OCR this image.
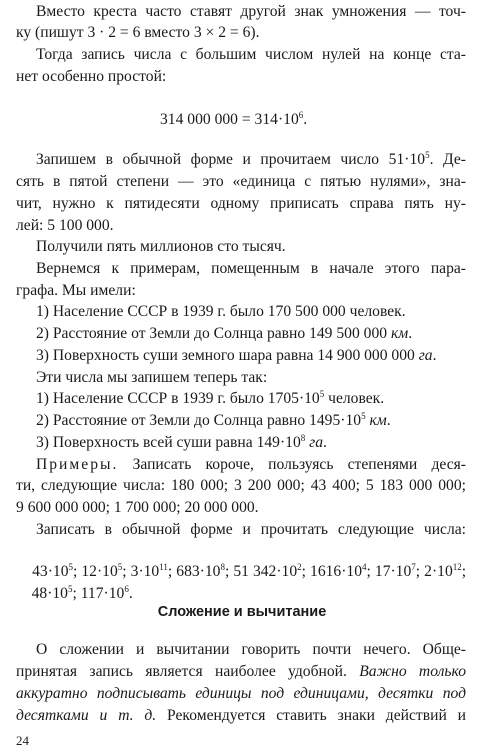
Вместо креста часто ставят другой знак умножения — точ-
ку (пишут 3 · 2 = 6 вместо 3 × 2 = 6).
Тогда запись числа с большим числом нулей на конце ста-
нет особенно простой:
314 000 $000 = 314\cdot 10^6$.
Запишем в обычной форме и прочитаем число $51\cdot 10^5$. Де-
сять в пятой степени — это «единица с пятью нулями», зна-
чит, нужно к пятидесяти одному приписать справа пять ну-
лей: 5 100 000.
Получили пять миллионов сто тысяч.
Вернемся к примерам, помещенным в начале этого пара-
графа. Мы имели:
1) Население СССР в 1939 г. было 170 500 000 человек.
2) Расстояние от Земли до Солнца равно 149 500 000 км.
3) Поверхность суши земного шара равна 14 900 000 000 га.
Эти числа мы запишем теперь так:
1) Население СССР в 1939 г. было $1705\cdot 10^5$ человек.
2) Расстояние от Земли до Солнца равно $1495\cdot 10^5$ км.
3) Поверхность всей суши равна $149\cdot 10^8$ га.
Примеры. Записать короче, пользуясь степенями деся-
ти, следующие числа: 180 000; 3 200 000; 43 400; 5 183 000 000;
9 600 000 000; 1 700 000; 20 000 000.
Записать в обычной форме и прочитать следующие числа:

$43\cdot 10^5$; $12\cdot 10^5$; $3\cdot 10^{11}$; $683\cdot 10^8$; 51 $342\cdot 10^2$; $1616\cdot 10^4$; $17\cdot 10^7$; $2\cdot 10^{12}$;

$48\cdot 10^5$; $117\cdot 10^6$.

Сложение и вычитание
О сложении и вычитании говорить почти нечего. Обще-
принятая запись является наиболее удобной. Важно только
аккуратно подписывать единицы под единицами, десятки под
десятками и т. д. Рекомендуется ставить знаки действий и
24
